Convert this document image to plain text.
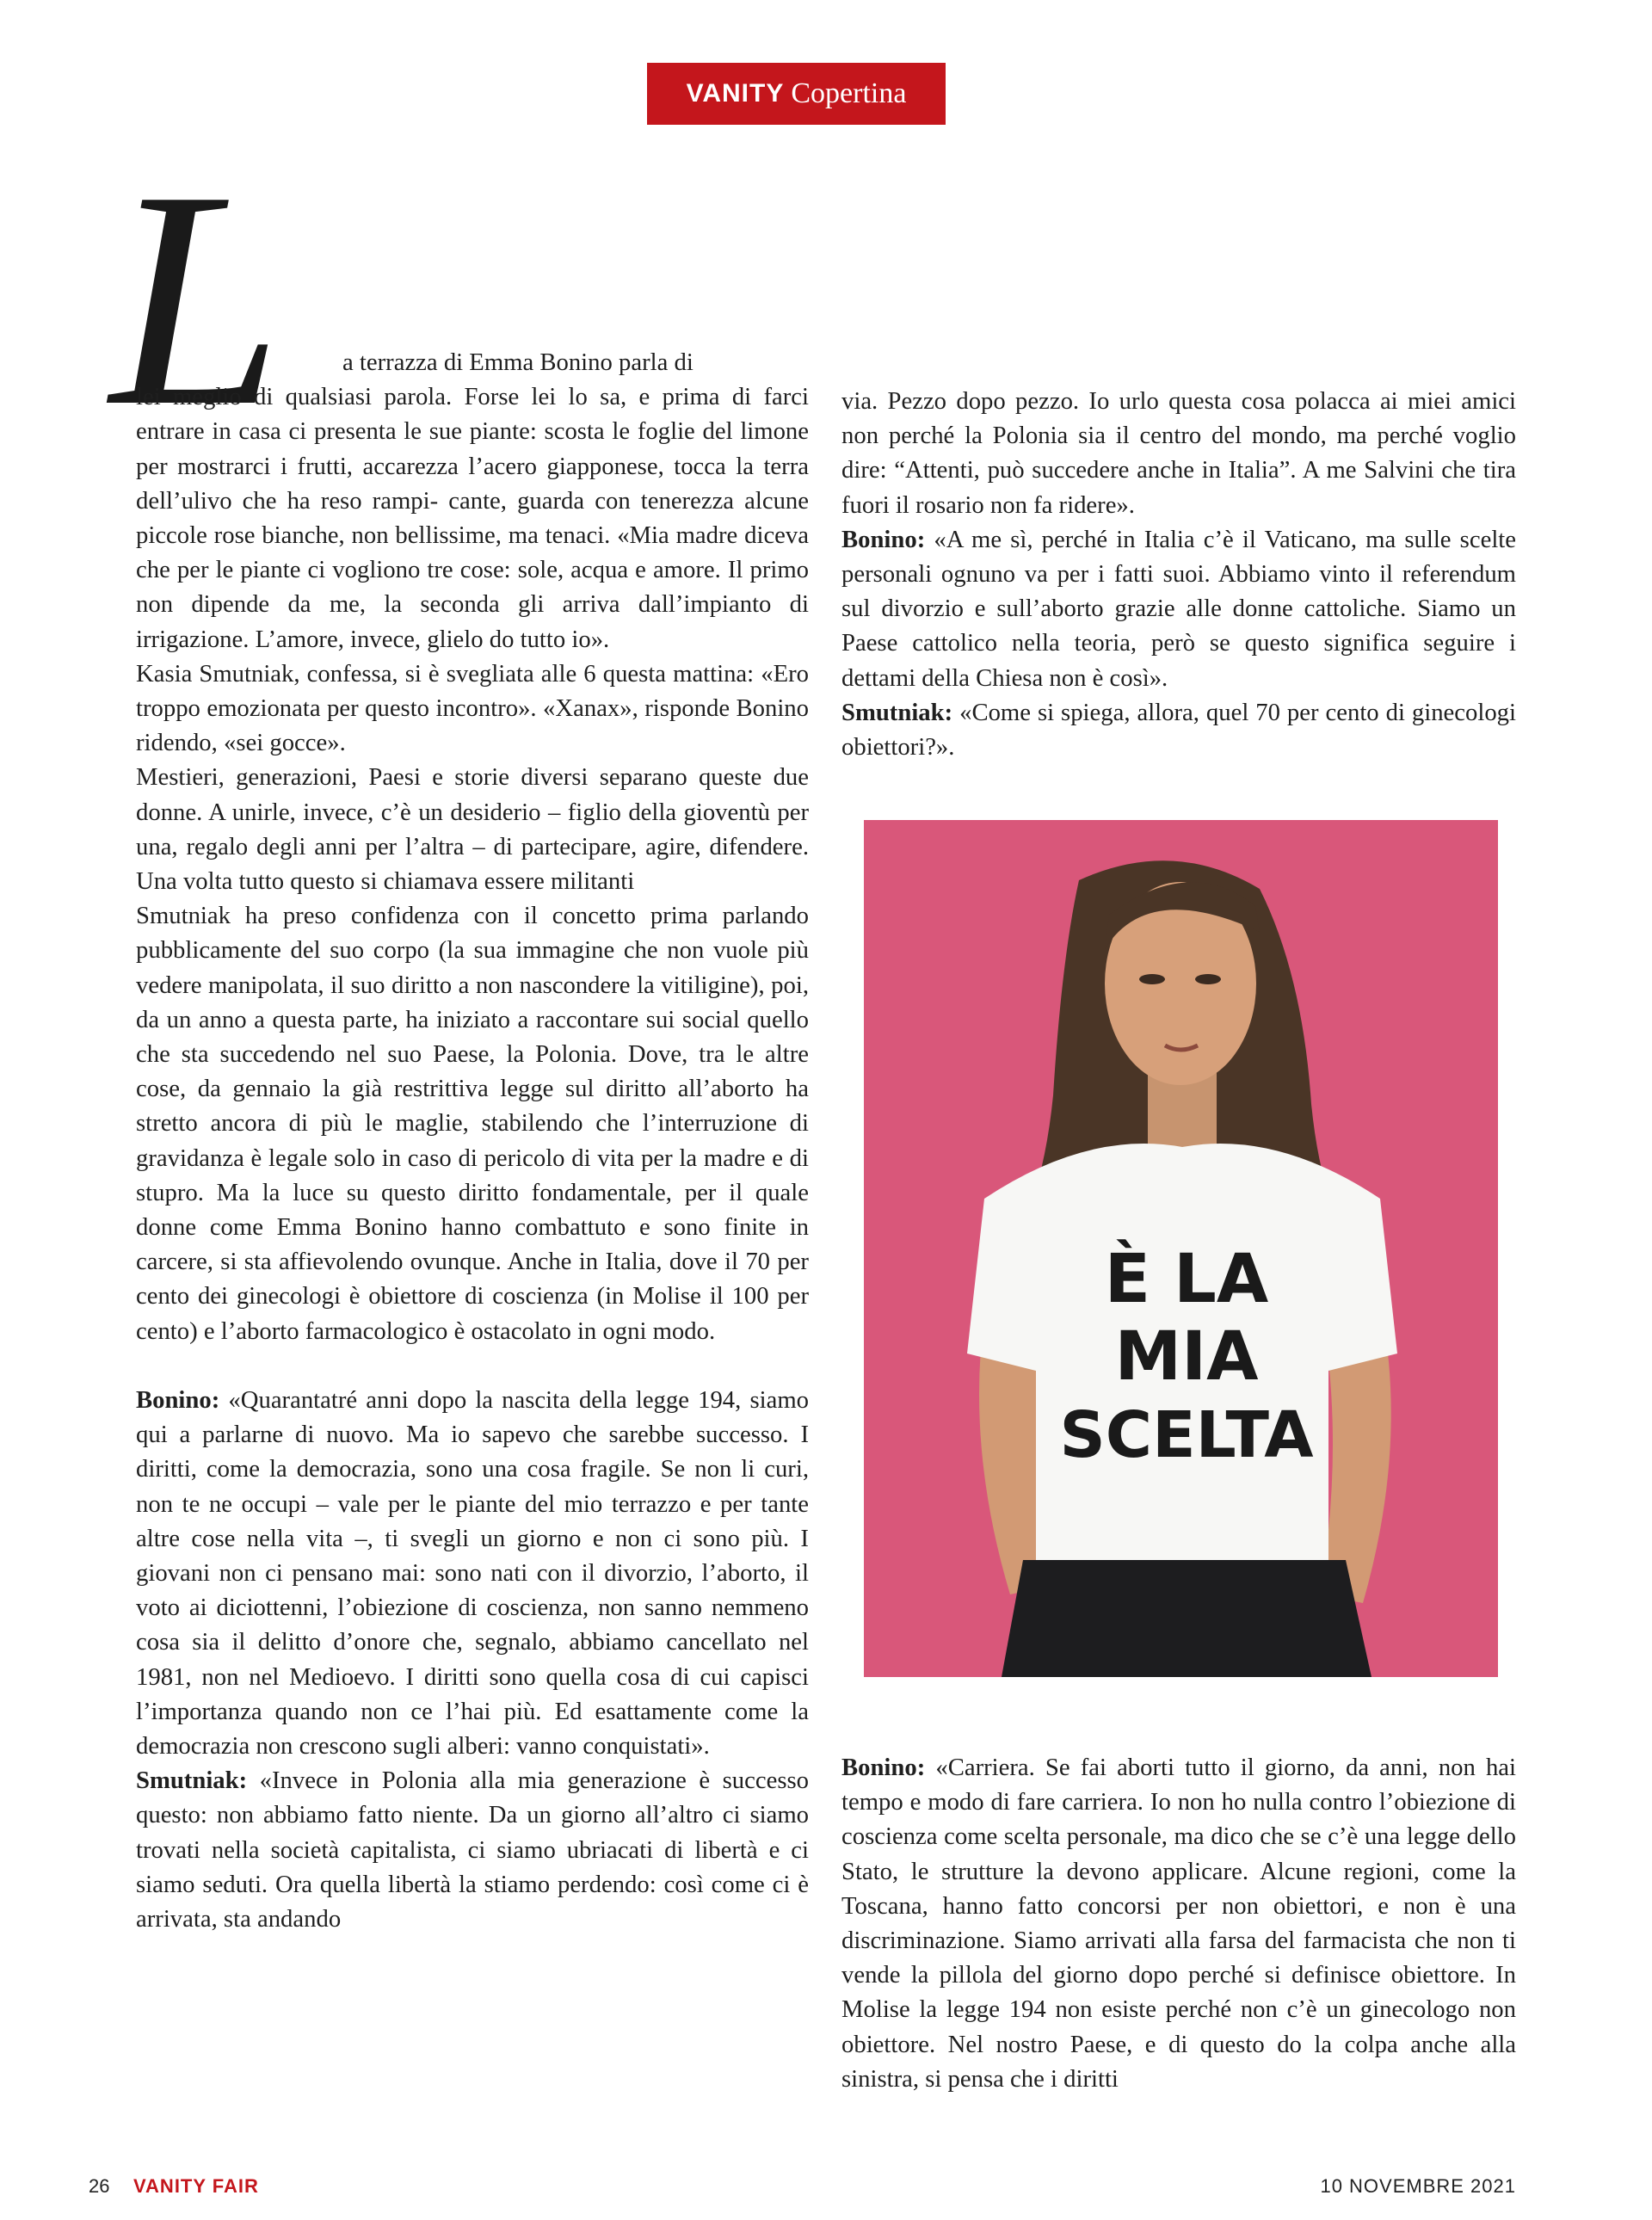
VANITY Copertina
L a terrazza di Emma Bonino parla di

lei meglio di qualsiasi parola. Forse lei lo sa, e prima di farci entrare in casa ci presenta le sue piante: scosta le foglie del limone per mostrarci i frutti, accarezza l’acero giapponese, tocca la terra dell’ulivo che ha reso rampi- cante, guarda con tenerezza alcune piccole rose bianche, non bellissime, ma tenaci. «Mia madre diceva che per le piante ci vogliono tre cose: sole, acqua e amore. Il primo non dipende da me, la seconda gli arriva dall’impianto di irrigazione. L’amore, invece, glielo do tutto io».

Kasia Smutniak, confessa, si è svegliata alle 6 questa mattina: «Ero troppo emozionata per questo incontro». «Xanax», risponde Bonino ridendo, «sei gocce».

Mestieri, generazioni, Paesi e storie diversi separano queste due donne. A unirle, invece, c’è un desiderio – figlio della gioventù per una, regalo degli anni per l’altra – di partecipare, agire, difendere. Una volta tutto questo si chiamava essere militanti

Smutniak ha preso confidenza con il concetto prima parlando pubblicamente del suo corpo (la sua immagine che non vuole più vedere manipolata, il suo diritto a non nascondere la vitiligine), poi, da un anno a questa parte, ha iniziato a raccontare sui social quello che sta succedendo nel suo Paese, la Polonia. Dove, tra le altre cose, da gennaio la già restrittiva legge sul diritto all’aborto ha stretto ancora di più le maglie, stabilendo che l’interruzione di gravidanza è legale solo in caso di pericolo di vita per la madre e di stupro. Ma la luce su questo diritto fondamentale, per il quale donne come Emma Bonino hanno combattuto e sono finite in carcere, si sta affievolendo ovunque. Anche in Italia, dove il 70 per cento dei ginecologi è obiettore di coscienza (in Molise il 100 per cento) e l’aborto farmacologico è ostacolato in ogni modo.

Bonino: «Quarantatré anni dopo la nascita della legge 194, siamo qui a parlarne di nuovo. Ma io sapevo che sarebbe successo. I diritti, come la democrazia, sono una cosa fragile. Se non li curi, non te ne occupi – vale per le piante del mio terrazzo e per tante altre cose nella vita –, ti svegli un giorno e non ci sono più. I giovani non ci pensano mai: sono nati con il divorzio, l’aborto, il voto ai diciottenni, l’obiezione di coscienza, non sanno nemmeno cosa sia il delitto d’onore che, segnalo, abbiamo cancellato nel 1981, non nel Medioevo. I diritti sono quella cosa di cui capisci l’importanza quando non ce l’hai più. Ed esattamente come la democrazia non crescono sugli alberi: vanno conquistati».

Smutniak: «Invece in Polonia alla mia generazione è successo questo: non abbiamo fatto niente. Da un giorno all’altro ci siamo trovati nella società capitalista, ci siamo ubriacati di libertà e ci siamo seduti. Ora quella libertà la stiamo perdendo: così come ci è arrivata, sta andando

via. Pezzo dopo pezzo. Io urlo questa cosa polacca ai miei amici non perché la Polonia sia il centro del mondo, ma perché voglio dire: “Attenti, può succedere anche in Italia”. A me Salvini che tira fuori il rosario non fa ridere».

Bonino: «A me sì, perché in Italia c’è il Vaticano, ma sulle scelte personali ognuno va per i fatti suoi. Abbiamo vinto il referendum sul divorzio e sull’aborto grazie alle donne cattoliche. Siamo un Paese cattolico nella teoria, però se questo significa seguire i dettami della Chiesa non è così».

Smutniak: «Come si spiega, allora, quel 70 per cento di ginecologi obiettori?».

È LA
MIA
SCELTA

Bonino: «Carriera. Se fai aborti tutto il giorno, da anni, non hai tempo e modo di fare carriera. Io non ho nulla contro l’obiezione di coscienza come scelta personale, ma dico che se c’è una legge dello Stato, le strutture la devono applicare. Alcune regioni, come la Toscana, hanno fatto concorsi per non obiettori, e non è una discriminazione. Siamo arrivati alla farsa del farmacista che non ti vende la pillola del giorno dopo perché si definisce obiettore. In Molise la legge 194 non esiste perché non c’è un ginecologo non obiettore. Nel nostro Paese, e di questo do la colpa anche alla sinistra, si pensa che i diritti

26 VANITY FAIR	10 NOVEMBRE 2021
